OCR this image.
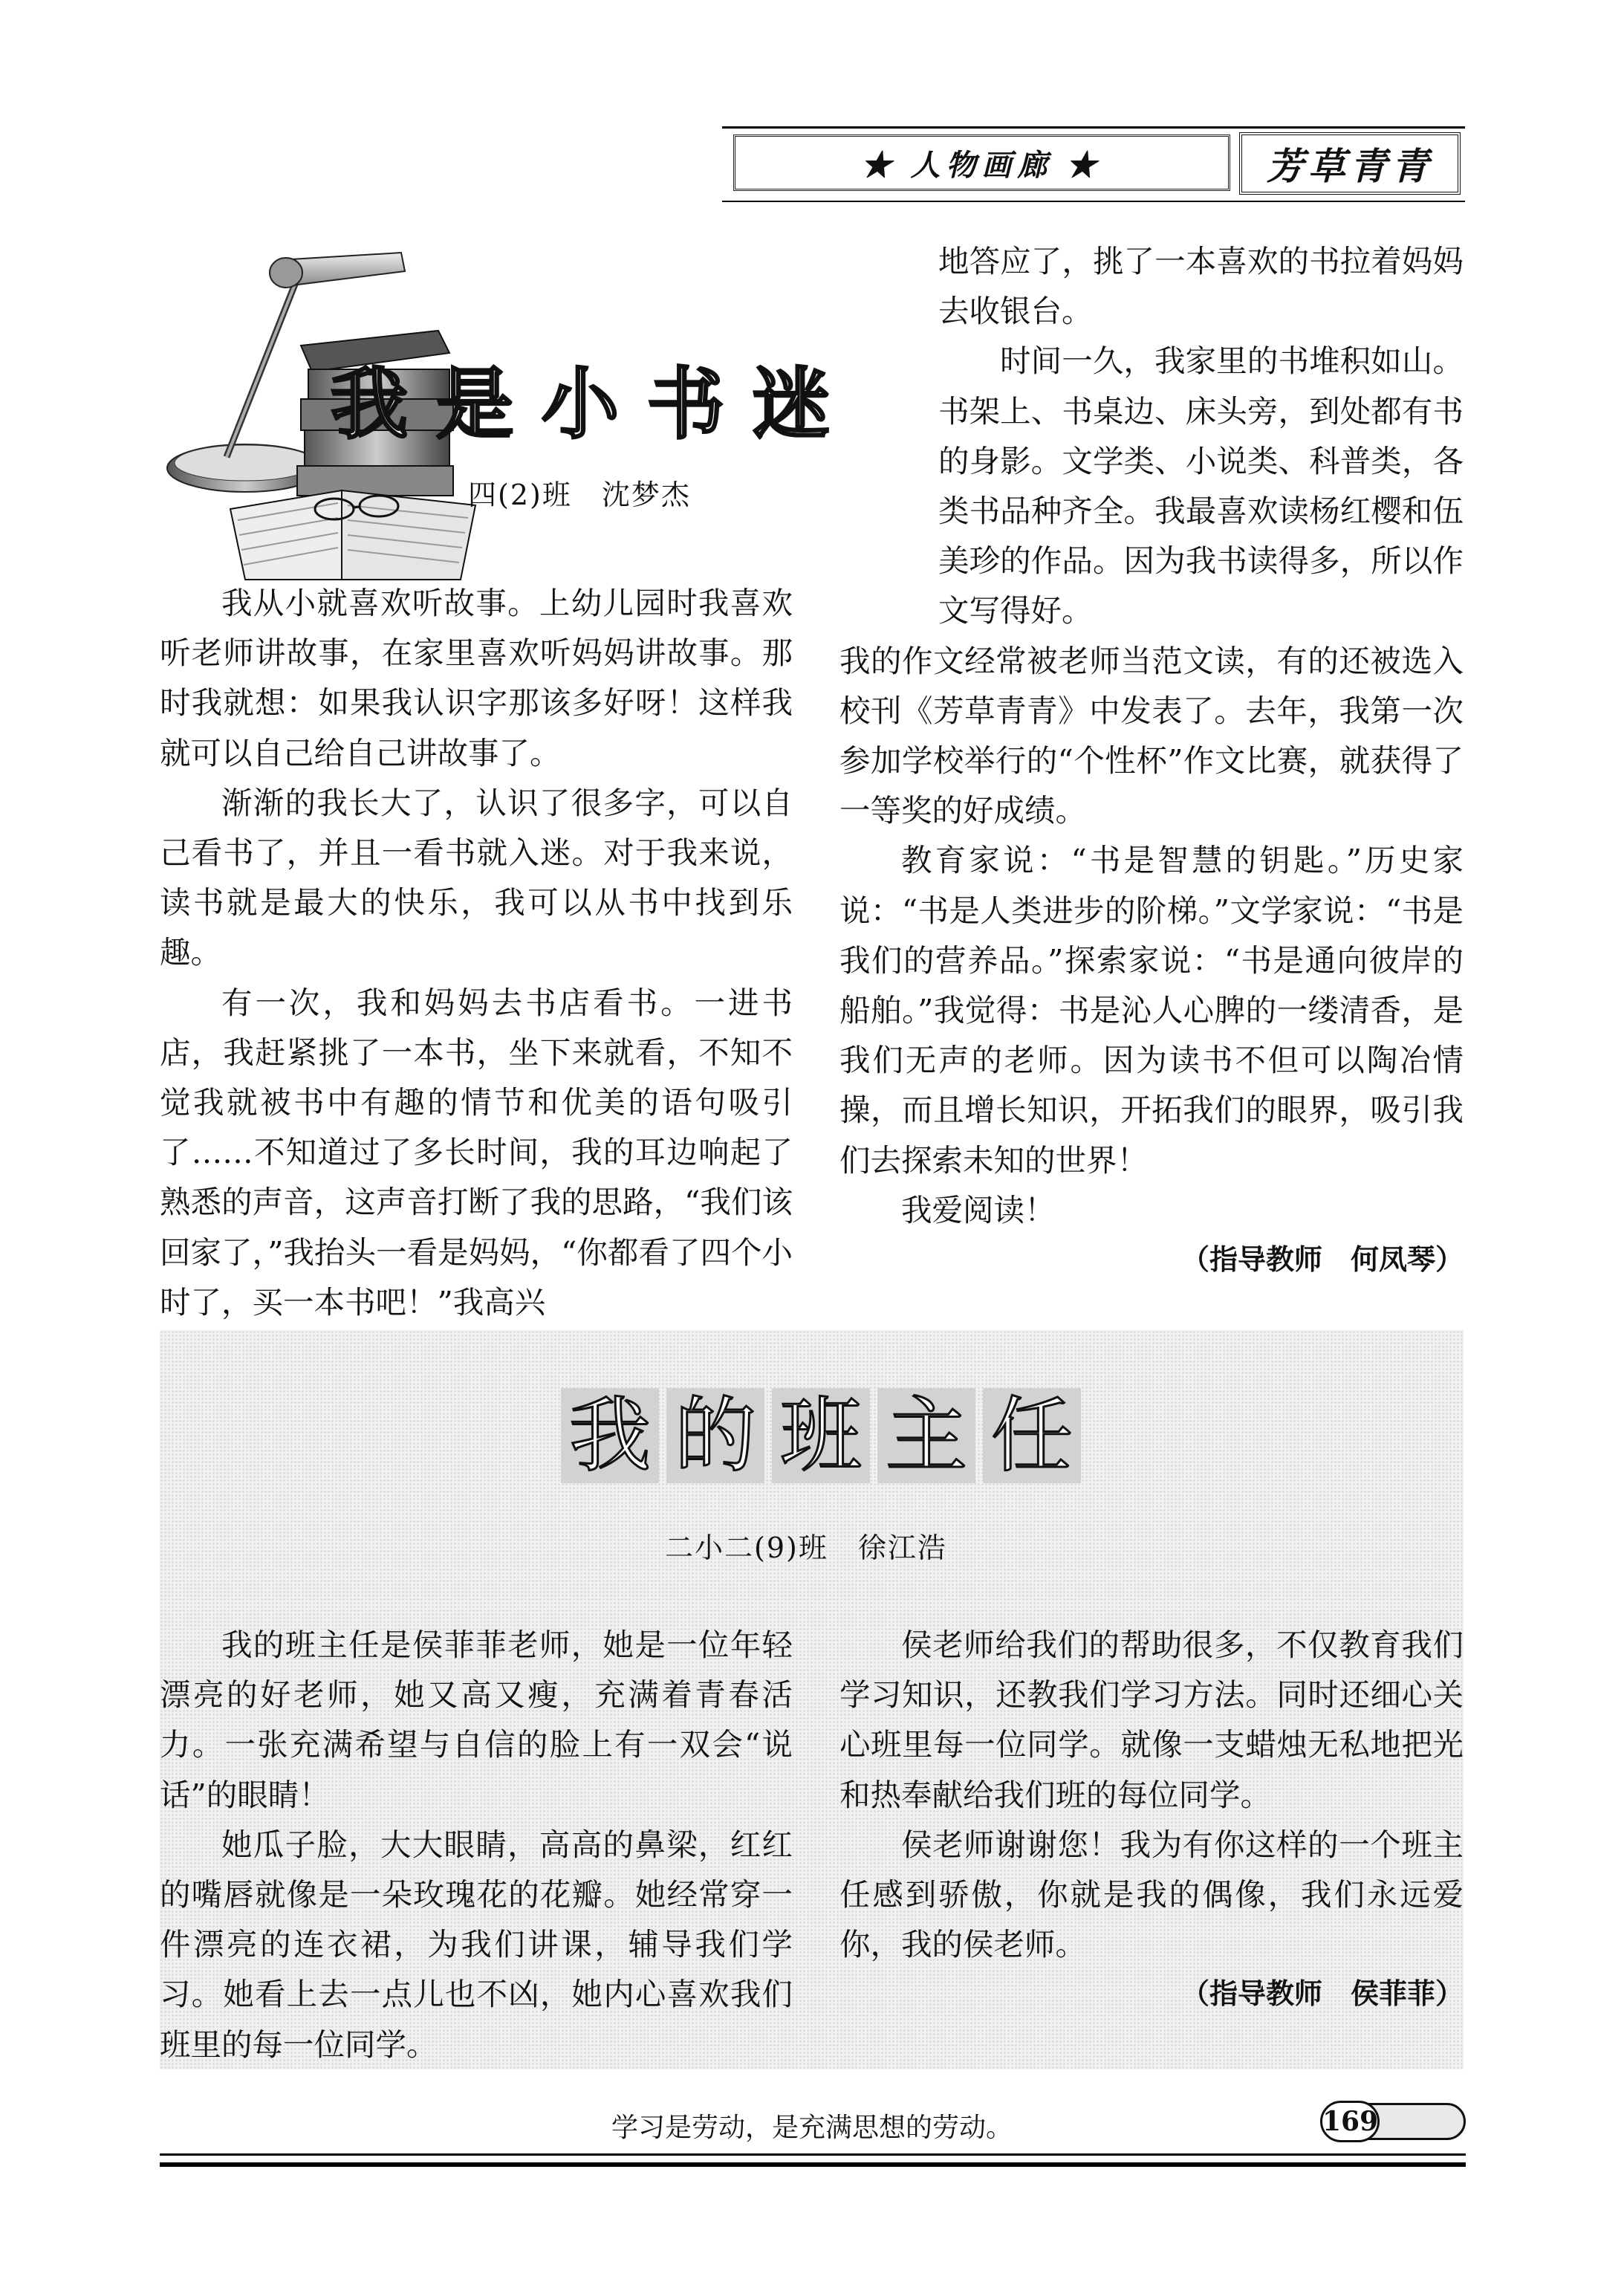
★ 人物画廊 ★	芳草青青
我是小书迷
四(2)班　沈梦杰

我从小就喜欢听故事。上幼儿园时我喜欢听老师讲故事，在家里喜欢听妈妈讲故事。那时我就想：如果我认识字那该多好呀！这样我就可以自己给自己讲故事了。

渐渐的我长大了，认识了很多字，可以自己看书了，并且一看书就入迷。对于我来说，读书就是最大的快乐，我可以从书中找到乐趣。

有一次，我和妈妈去书店看书。一进书店，我赶紧挑了一本书，坐下来就看，不知不觉我就被书中有趣的情节和优美的语句吸引了……不知道过了多长时间，我的耳边响起了熟悉的声音，这声音打断了我的思路，“我们该回家了，”我抬头一看是妈妈，“你都看了四个小时了，买一本书吧！”我高兴

地答应了，挑了一本喜欢的书拉着妈妈去收银台。

时间一久，我家里的书堆积如山。书架上、书桌边、床头旁，到处都有书的身影。文学类、小说类、科普类，各类书品种齐全。我最喜欢读杨红樱和伍美珍的作品。因为我书读得多，所以作文写得好。

我的作文经常被老师当范文读，有的还被选入校刊《芳草青青》中发表了。去年，我第一次参加学校举行的“个性杯”作文比赛，就获得了一等奖的好成绩。

教育家说：“书是智慧的钥匙。”历史家说：“书是人类进步的阶梯。”文学家说：“书是我们的营养品。”探索家说：“书是通向彼岸的船舶。”我觉得：书是沁人心脾的一缕清香，是我们无声的老师。因为读书不但可以陶冶情操，而且增长知识，开拓我们的眼界，吸引我们去探索未知的世界！

我爱阅读！

（指导教师　何凤琴）

我 的 班 主 任
二小二(9)班　徐江浩

我的班主任是侯菲菲老师，她是一位年轻漂亮的好老师，她又高又瘦，充满着青春活力。一张充满希望与自信的脸上有一双会“说话”的眼睛！

她瓜子脸，大大眼睛，高高的鼻梁，红红的嘴唇就像是一朵玫瑰花的花瓣。她经常穿一件漂亮的连衣裙，为我们讲课，辅导我们学习。她看上去一点儿也不凶，她内心喜欢我们班里的每一位同学。

侯老师给我们的帮助很多，不仅教育我们学习知识，还教我们学习方法。同时还细心关心班里每一位同学。就像一支蜡烛无私地把光和热奉献给我们班的每位同学。

侯老师谢谢您！我为有你这样的一个班主任感到骄傲，你就是我的偶像，我们永远爱你，我的侯老师。

（指导教师　侯菲菲）

学习是劳动，是充满思想的劳动。	169
